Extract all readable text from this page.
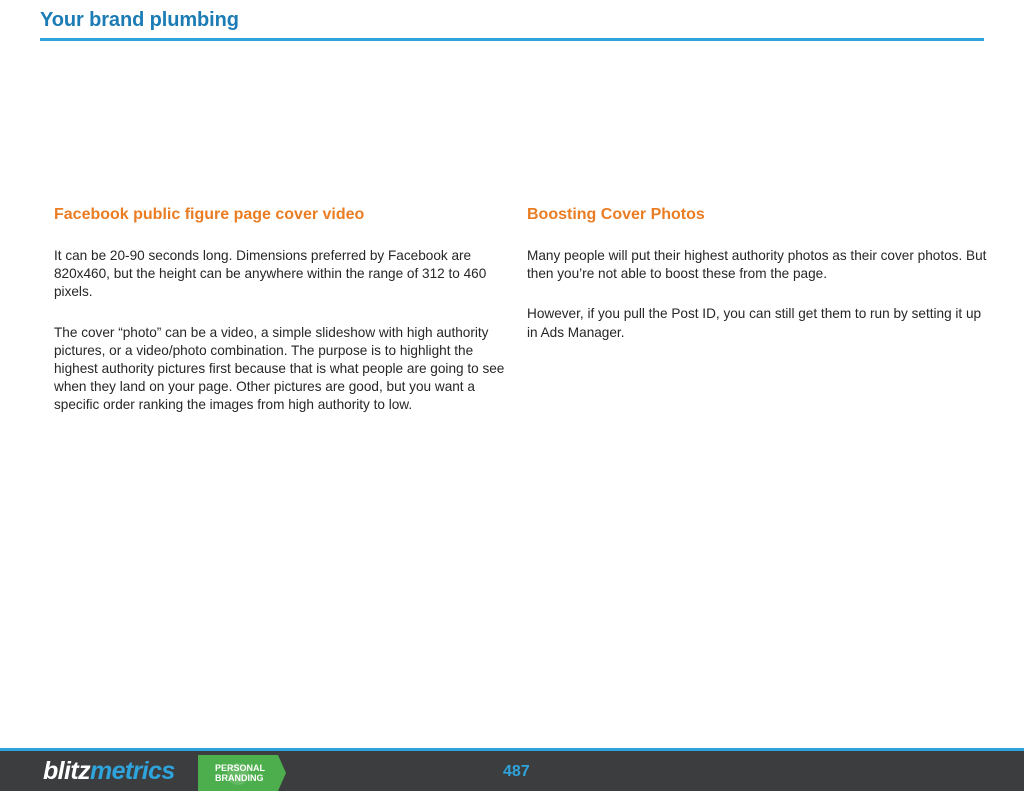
Your brand plumbing
Facebook public figure page cover video

It can be 20-90 seconds long. Dimensions preferred by Facebook are 820x460, but the height can be anywhere within the range of 312 to 460 pixels.

The cover “photo” can be a video, a simple slideshow with high authority pictures, or a video/photo combination. The purpose is to highlight the highest authority pictures first because that is what people are going to see when they land on your page. Other pictures are good, but you want a specific order ranking the images from high authority to low.

Boosting Cover Photos

Many people will put their highest authority photos as their cover photos. But then you’re not able to boost these from the page.

However, if you pull the Post ID, you can still get them to run by setting it up in Ads Manager.

blitzmetrics	PERSONAL
BRANDING	487
